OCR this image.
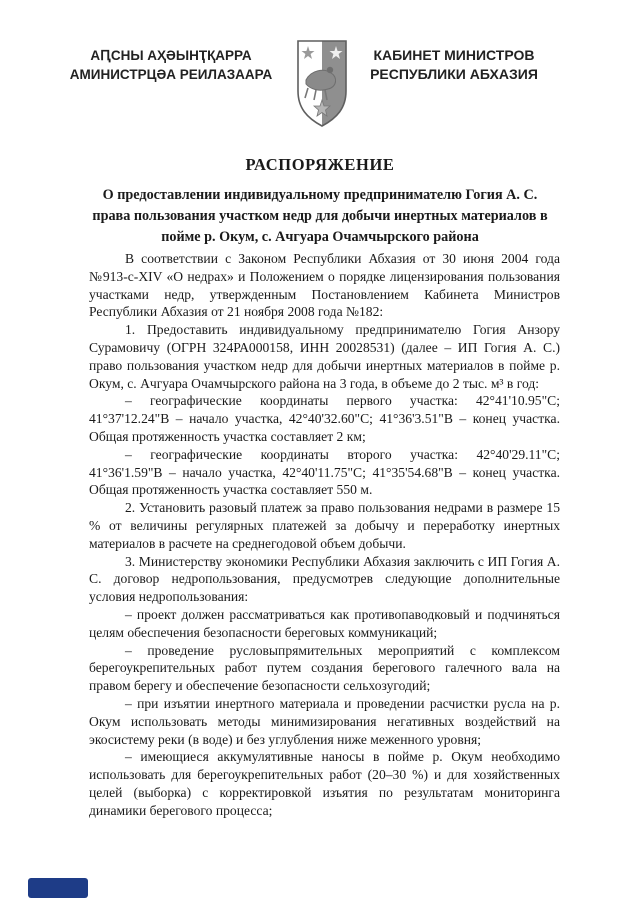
АԤСНЫ АҲӘЫНҬҚАРРА
АМИНИСТРЦӘА РЕИЛАЗААРА
КАБИНЕТ МИНИСТРОВ
РЕСПУБЛИКИ АБХАЗИЯ
РАСПОРЯЖЕНИЕ
О предоставлении индивидуальному предпринимателю Гогия А. С. права пользования участком недр для добычи инертных материалов в пойме р. Окум, с. Ачгуара Очамчырского района

В соответствии с Законом Республики Абхазия от 30 июня 2004 года №913-с-XIV «О недрах» и Положением о порядке лицензирования пользования участками недр, утвержденным Постановлением Кабинета Министров Республики Абхазия от 21 ноября 2008 года №182:

1. Предоставить индивидуальному предпринимателю Гогия Анзору Сурамовичу (ОГРН 324РА000158, ИНН 20028531) (далее – ИП Гогия А. С.) право пользования участком недр для добычи инертных материалов в пойме р. Окум, с. Ачгуара Очамчырского района на 3 года, в объеме до 2 тыс. м³ в год:

– географические координаты первого участка: 42°41'10.95"С; 41°37'12.24"В – начало участка, 42°40'32.60"С; 41°36'3.51"В – конец участка. Общая протяженность участка составляет 2 км;

– географические координаты второго участка: 42°40'29.11"С; 41°36'1.59"В – начало участка, 42°40'11.75"С; 41°35'54.68"В – конец участка. Общая протяженность участка составляет 550 м.

2. Установить разовый платеж за право пользования недрами в размере 15 % от величины регулярных платежей за добычу и переработку инертных материалов в расчете на среднегодовой объем добычи.

3. Министерству экономики Республики Абхазия заключить с ИП Гогия А. С. договор недропользования, предусмотрев следующие дополнительные условия недропользования:

– проект должен рассматриваться как противопаводковый и подчиняться целям обеспечения безопасности береговых коммуникаций;

– проведение русловыпрямительных мероприятий с комплексом берегоукрепительных работ путем создания берегового галечного вала на правом берегу и обеспечение безопасности сельхозугодий;

– при изъятии инертного материала и проведении расчистки русла на р. Окум использовать методы минимизирования негативных воздействий на экосистему реки (в воде) и без углубления ниже меженного уровня;

– имеющиеся аккумулятивные наносы в пойме р. Окум необходимо использовать для берегоукрепительных работ (20–30 %) и для хозяйственных целей (выборка) с корректировкой изъятия по результатам мониторинга динамики берегового процесса;
